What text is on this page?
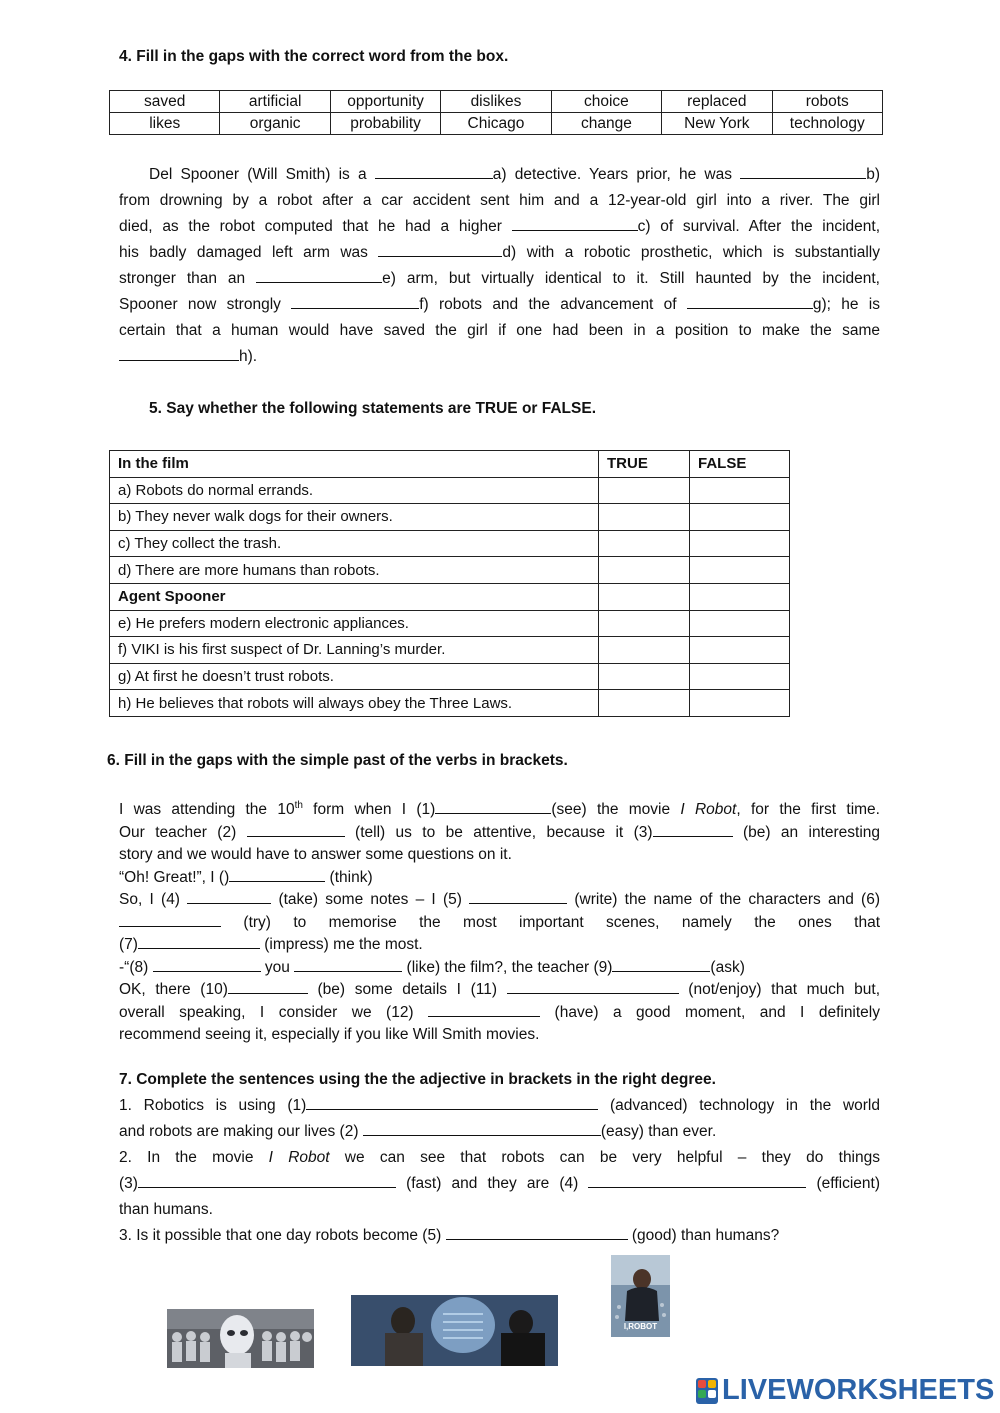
4. Fill in the gaps with the correct word from the box.
saved	artificial	opportunity	dislikes	choice	replaced	robots
likes	organic	probability	Chicago	change	New York	technology
Del Spooner (Will Smith) is a	a) detective. Years prior, he was	b)
from drowning by a robot after a car accident sent him and a 12-year-old girl into a river. The girl
died, as the robot computed that he had a higher	c) of survival. After the incident,
his badly damaged left arm was	d) with a robotic prosthetic, which is substantially
stronger than an	e) arm, but virtually identical to it. Still haunted by the incident,
Spooner now strongly	f) robots and the advancement of	g); he is
certain that a human would have saved the girl if one had been in a position to make the same
h).
5. Say whether the following statements are TRUE or FALSE.
In the film	TRUE	FALSE
a) Robots do normal errands.		
b) They never walk dogs for their owners.		
c) They collect the trash.		
d) There are more humans than robots.		
Agent Spooner		
e) He prefers modern electronic appliances.		
f) VIKI is his first suspect of Dr. Lanning’s murder.		
g) At first he doesn’t trust robots.		
h) He believes that robots will always obey the Three Laws.		
6. Fill in the gaps with the simple past of the verbs in brackets.
I was attending the 10th form when I (1)	(see) the movie I Robot, for the first time.
Our teacher (2)	(tell) us to be attentive, because it (3)	(be) an interesting
story and we would have to answer some questions on it.
“Oh! Great!”, I ()	(think)
So, I (4)	(take) some notes – I (5)	(write) the name of the characters and (6)
(try) to memorise the most important scenes, namely the ones that
(7)	(impress) me the most.
-“(8)	you	(like) the film?, the teacher (9)	(ask)
OK, there (10)	(be) some details I (11)	(not/enjoy) that much but,
overall speaking, I consider we (12)	(have) a good moment, and I definitely
recommend seeing it, especially if you like Will Smith movies.
7. Complete the sentences using the the adjective in brackets in the right degree.
1. Robotics is using (1)	(advanced) technology in the world
and robots are making our lives (2)	(easy) than ever.
2. In the movie I Robot we can see that robots can be very helpful – they do things
(3)	(fast) and they are (4)	(efficient)
than humans.
3. Is it possible that one day robots become (5)	(good) than humans?
I,ROBOT
LIVEWORKSHEETS
